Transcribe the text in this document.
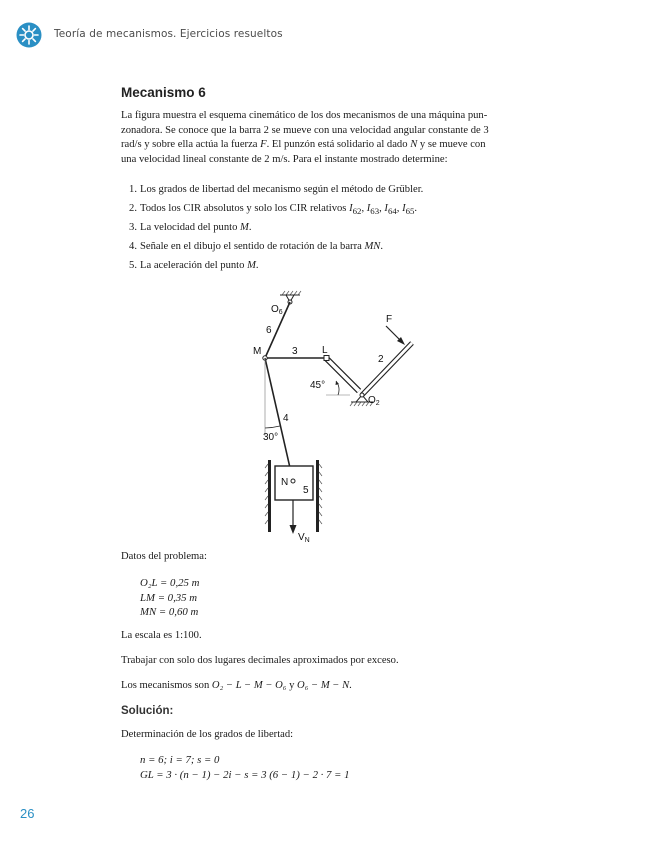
Teoría de mecanismos. Ejercicios resueltos
Mecanismo 6
La figura muestra el esquema cinemático de los dos mecanismos de una máquina pun-
zonadora. Se conoce que la barra 2 se mueve con una velocidad angular constante de 3
rad/s y sobre ella actúa la fuerza F. El punzón está solidario al dado N y se mueve con
una velocidad lineal constante de 2 m/s. Para el instante mostrado determine:
1. Los grados de libertad del mecanismo según el método de Grübler.
2. Todos los CIR absolutos y solo los CIR relativos $I_{62}$, $I_{63}$, $I_{64}$, $I_{65}$.
3. La velocidad del punto M.
4. Señale en el dibujo el sentido de rotación de la barra MN.
5. La aceleración del punto M.
$O_6$
6
3
M	L
2
F
45°
$O_2$
4
30°
N
5
$V_N$
Datos del problema:
O₂L = 0,25 m
LM = 0,35 m
MN = 0,60 m
La escala es 1:100.
Trabajar con solo dos lugares decimales aproximados por exceso.
Los mecanismos son O₂ − L − M − O₆ y O₆ − M − N.
Solución:
Determinación de los grados de libertad:
n = 6; i = 7; s = 0
GL = 3 · (n − 1) − 2i − s = 3 (6 − 1) − 2 · 7 = 1
26
